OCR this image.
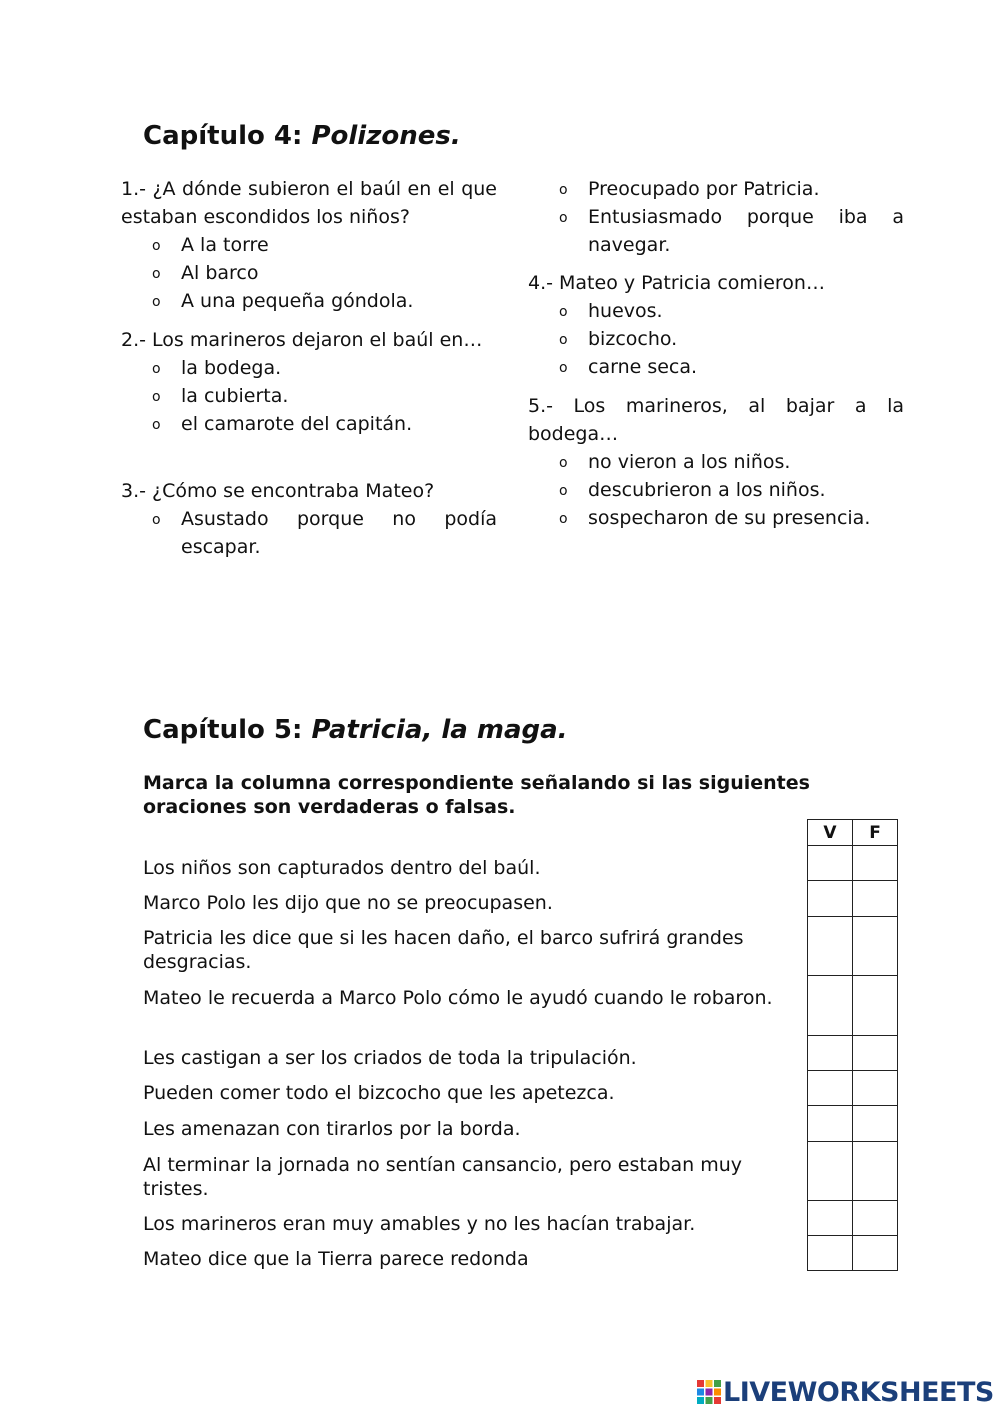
Capítulo 4: Polizones.
1.- ¿A dónde subieron el baúl en el que estaban escondidos los niños?
o A la torre
o Al barco
o A una pequeña góndola.
2.- Los marineros dejaron el baúl en…
o la bodega.
o la cubierta.
o el camarote del capitán.
3.- ¿Cómo se encontraba Mateo?
o Asustado porque no podía escapar.
o Preocupado por Patricia.
o Entusiasmado porque iba a navegar.
4.- Mateo y Patricia comieron…
o huevos.
o bizcocho.
o carne seca.
5.- Los marineros, al bajar a la bodega…
o no vieron a los niños.
o descubrieron a los niños.
o sospecharon de su presencia.
Capítulo 5: Patricia, la maga.
Marca la columna correspondiente señalando si las siguientes oraciones son verdaderas o falsas.
Los niños son capturados dentro del baúl.
Marco Polo les dijo que no se preocupasen.
Patricia les dice que si les hacen daño, el barco sufrirá grandes desgracias.
Mateo le recuerda a Marco Polo cómo le ayudó cuando le robaron.
Les castigan a ser los criados de toda la tripulación.
Pueden comer todo el bizcocho que les apetezca.
Les amenazan con tirarlos por la borda.
Al terminar la jornada no sentían cansancio, pero estaban muy tristes.
Los marineros eran muy amables y no les hacían trabajar.
Mateo dice que la Tierra parece redonda
V	F

LIVEWORKSHEETS
